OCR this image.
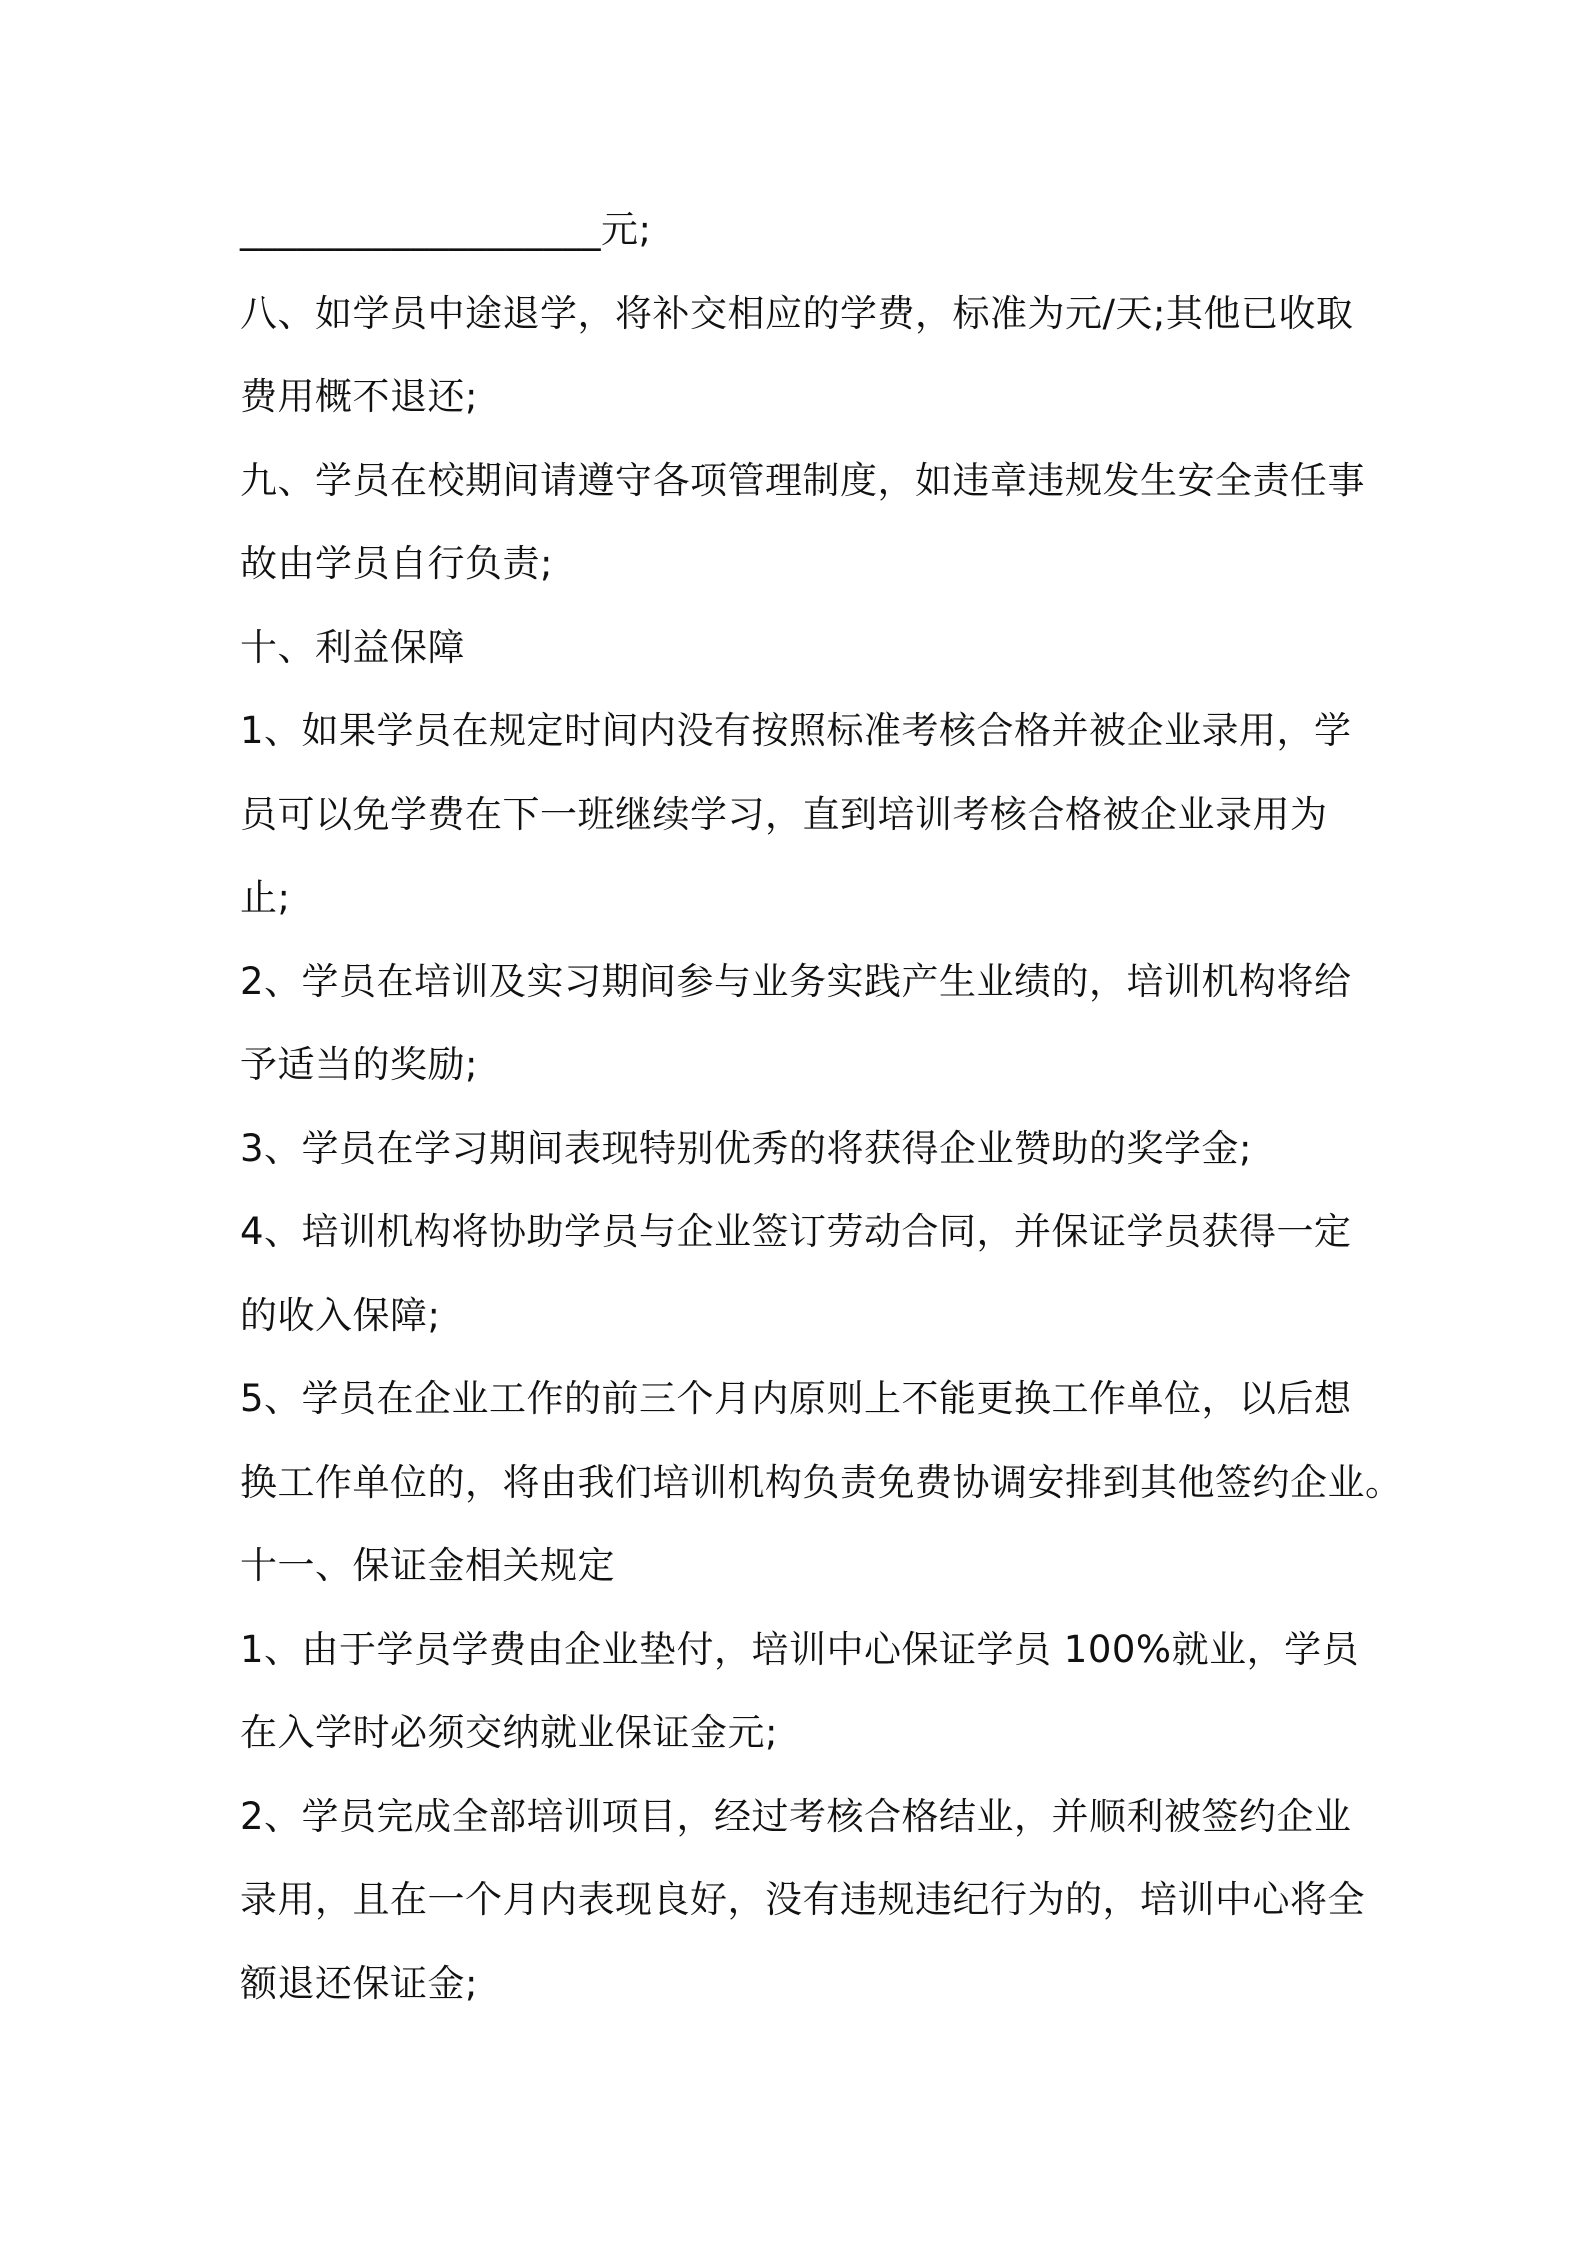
___________________元;
八、如学员中途退学，将补交相应的学费，标准为元/天;其他已收取
费用概不退还;
九、学员在校期间请遵守各项管理制度，如违章违规发生安全责任事
故由学员自行负责;
十、利益保障
1、如果学员在规定时间内没有按照标准考核合格并被企业录用，学
员可以免学费在下一班继续学习，直到培训考核合格被企业录用为
止;
2、学员在培训及实习期间参与业务实践产生业绩的，培训机构将给
予适当的奖励;
3、学员在学习期间表现特别优秀的将获得企业赞助的奖学金;
4、培训机构将协助学员与企业签订劳动合同，并保证学员获得一定
的收入保障;
5、学员在企业工作的前三个月内原则上不能更换工作单位，以后想
换工作单位的，将由我们培训机构负责免费协调安排到其他签约企业。
十一、保证金相关规定
1、由于学员学费由企业垫付，培训中心保证学员 100%就业，学员
在入学时必须交纳就业保证金元;
2、学员完成全部培训项目，经过考核合格结业，并顺利被签约企业
录用，且在一个月内表现良好，没有违规违纪行为的，培训中心将全
额退还保证金;
